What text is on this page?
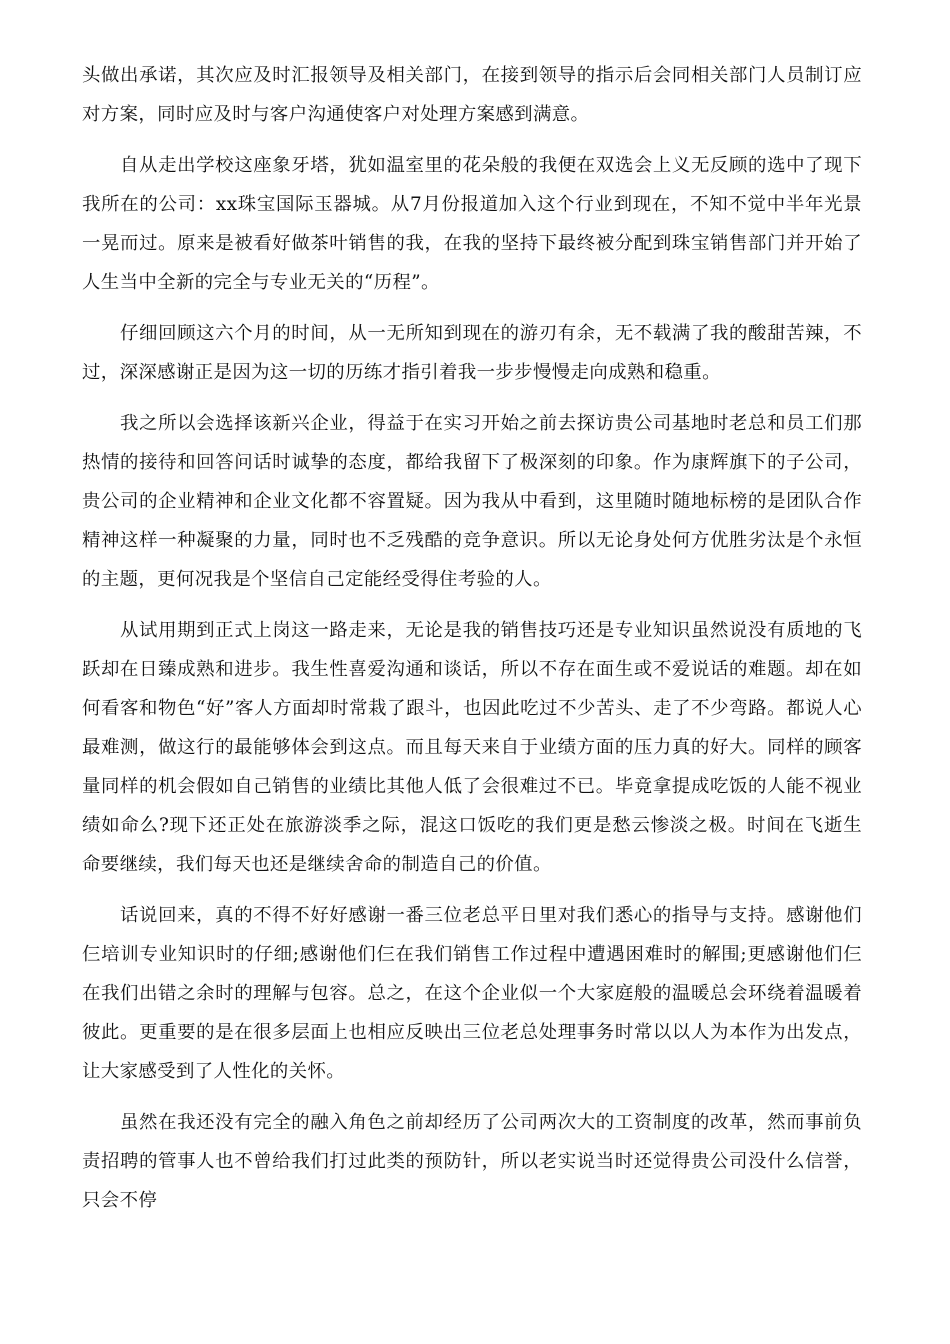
头做出承诺，其次应及时汇报领导及相关部门，在接到领导的指示后会同相关部门人员制订应对方案，同时应及时与客户沟通使客户对处理方案感到满意。

自从走出学校这座象牙塔，犹如温室里的花朵般的我便在双选会上义无反顾的选中了现下我所在的公司：xx珠宝国际玉器城。从7月份报道加入这个行业到现在，不知不觉中半年光景一晃而过。原来是被看好做茶叶销售的我，在我的坚持下最终被分配到珠宝销售部门并开始了人生当中全新的完全与专业无关的“历程”。

仔细回顾这六个月的时间，从一无所知到现在的游刃有余，无不载满了我的酸甜苦辣，不过，深深感谢正是因为这一切的历练才指引着我一步步慢慢走向成熟和稳重。

我之所以会选择该新兴企业，得益于在实习开始之前去探访贵公司基地时老总和员工们那热情的接待和回答问话时诚挚的态度，都给我留下了极深刻的印象。作为康辉旗下的子公司，贵公司的企业精神和企业文化都不容置疑。因为我从中看到，这里随时随地标榜的是团队合作精神这样一种凝聚的力量，同时也不乏残酷的竞争意识。所以无论身处何方优胜劣汰是个永恒的主题，更何况我是个坚信自己定能经受得住考验的人。

从试用期到正式上岗这一路走来，无论是我的销售技巧还是专业知识虽然说没有质地的飞跃却在日臻成熟和进步。我生性喜爱沟通和谈话，所以不存在面生或不爱说话的难题。却在如何看客和物色“好”客人方面却时常栽了跟斗，也因此吃过不少苦头、走了不少弯路。都说人心最难测，做这行的最能够体会到这点。而且每天来自于业绩方面的压力真的好大。同样的顾客量同样的机会假如自己销售的业绩比其他人低了会很难过不已。毕竟拿提成吃饭的人能不视业绩如命么?现下还正处在旅游淡季之际，混这口饭吃的我们更是愁云惨淡之极。时间在飞逝生命要继续，我们每天也还是继续舍命的制造自己的价值。

话说回来，真的不得不好好感谢一番三位老总平日里对我们悉心的指导与支持。感谢他们仨培训专业知识时的仔细;感谢他们仨在我们销售工作过程中遭遇困难时的解围;更感谢他们仨在我们出错之余时的理解与包容。总之，在这个企业似一个大家庭般的温暖总会环绕着温暖着彼此。更重要的是在很多层面上也相应反映出三位老总处理事务时常以以人为本作为出发点，让大家感受到了人性化的关怀。

虽然在我还没有完全的融入角色之前却经历了公司两次大的工资制度的改革，然而事前负责招聘的管事人也不曾给我们打过此类的预防针，所以老实说当时还觉得贵公司没什么信誉，只会不停
